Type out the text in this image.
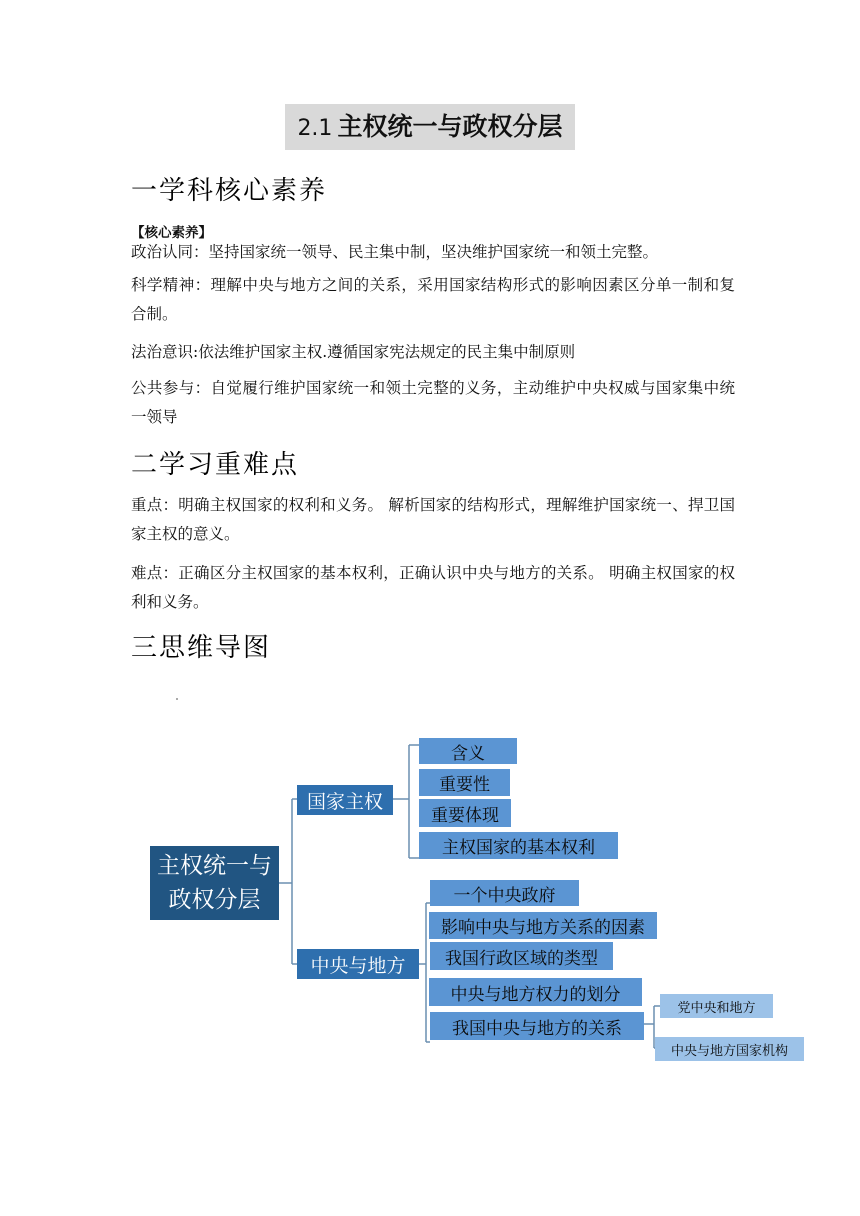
2.1 主权统一与政权分层
一学科核心素养
【核心素养】

政治认同：坚持国家统一领导、民主集中制，坚决维护国家统一和领土完整。

科学精神：理解中央与地方之间的关系，采用国家结构形式的影响因素区分单一制和复合制。

法治意识:依法维护国家主权.遵循国家宪法规定的民主集中制原则

公共参与：自觉履行维护国家统一和领土完整的义务，主动维护中央权威与国家集中统一领导

二学习重难点

重点：明确主权国家的权利和义务。 解析国家的结构形式，理解维护国家统一、捍卫国家主权的意义。

难点：正确区分主权国家的基本权利，正确认识中央与地方的关系。 明确主权国家的权利和义务。

三思维导图
主权统一与
政权分层
国家主权
中央与地方
含义
重要性
重要体现
主权国家的基本权利
一个中央政府
影响中央与地方关系的因素
我国行政区域的类型
中央与地方权力的划分
我国中央与地方的关系
党中央和地方
中央与地方国家机构
